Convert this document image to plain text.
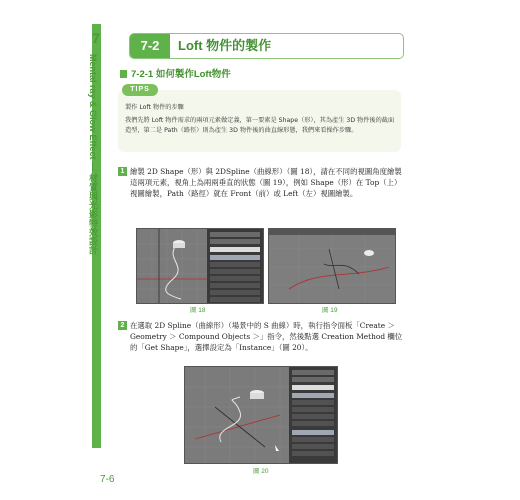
7
Mental ray & Glow Effect — 材質與光影特效設計
7-6
7-2	Loft 物件的製作
7-2-1 如何製作Loft物件
TIPS

製作 Loft 物件的步驟

我們先將 Loft 物件需求的兩項元素做定義，第一要素是 Shape（形），其為產生 3D 物件後的截面造型，第二是 Path（路徑）則為產生 3D 物件後的曲直線形態，我們來看操作步驟。

1 繪製 2D Shape（形）與 2DSpline（曲線形）（圖 18），請在不同的視圖角度繪製這兩項元素，視角上為兩兩垂直的狀態（圖 19），例如 Shape（形）在 Top（上）視圖繪製，Path（路徑）就在 Front（前）或 Left（左）視圖繪製。
圖 18	圖 19
2 在選取 2D Spline（曲線形）（場景中的 S 曲線）時，執行指令面板「Create ＞ Geometry ＞ Compound Objects ＞」指令，然後點選 Creation Method 欄位的「Get Shape」，選擇設定為「Instance」（圖 20）。
圖 20
